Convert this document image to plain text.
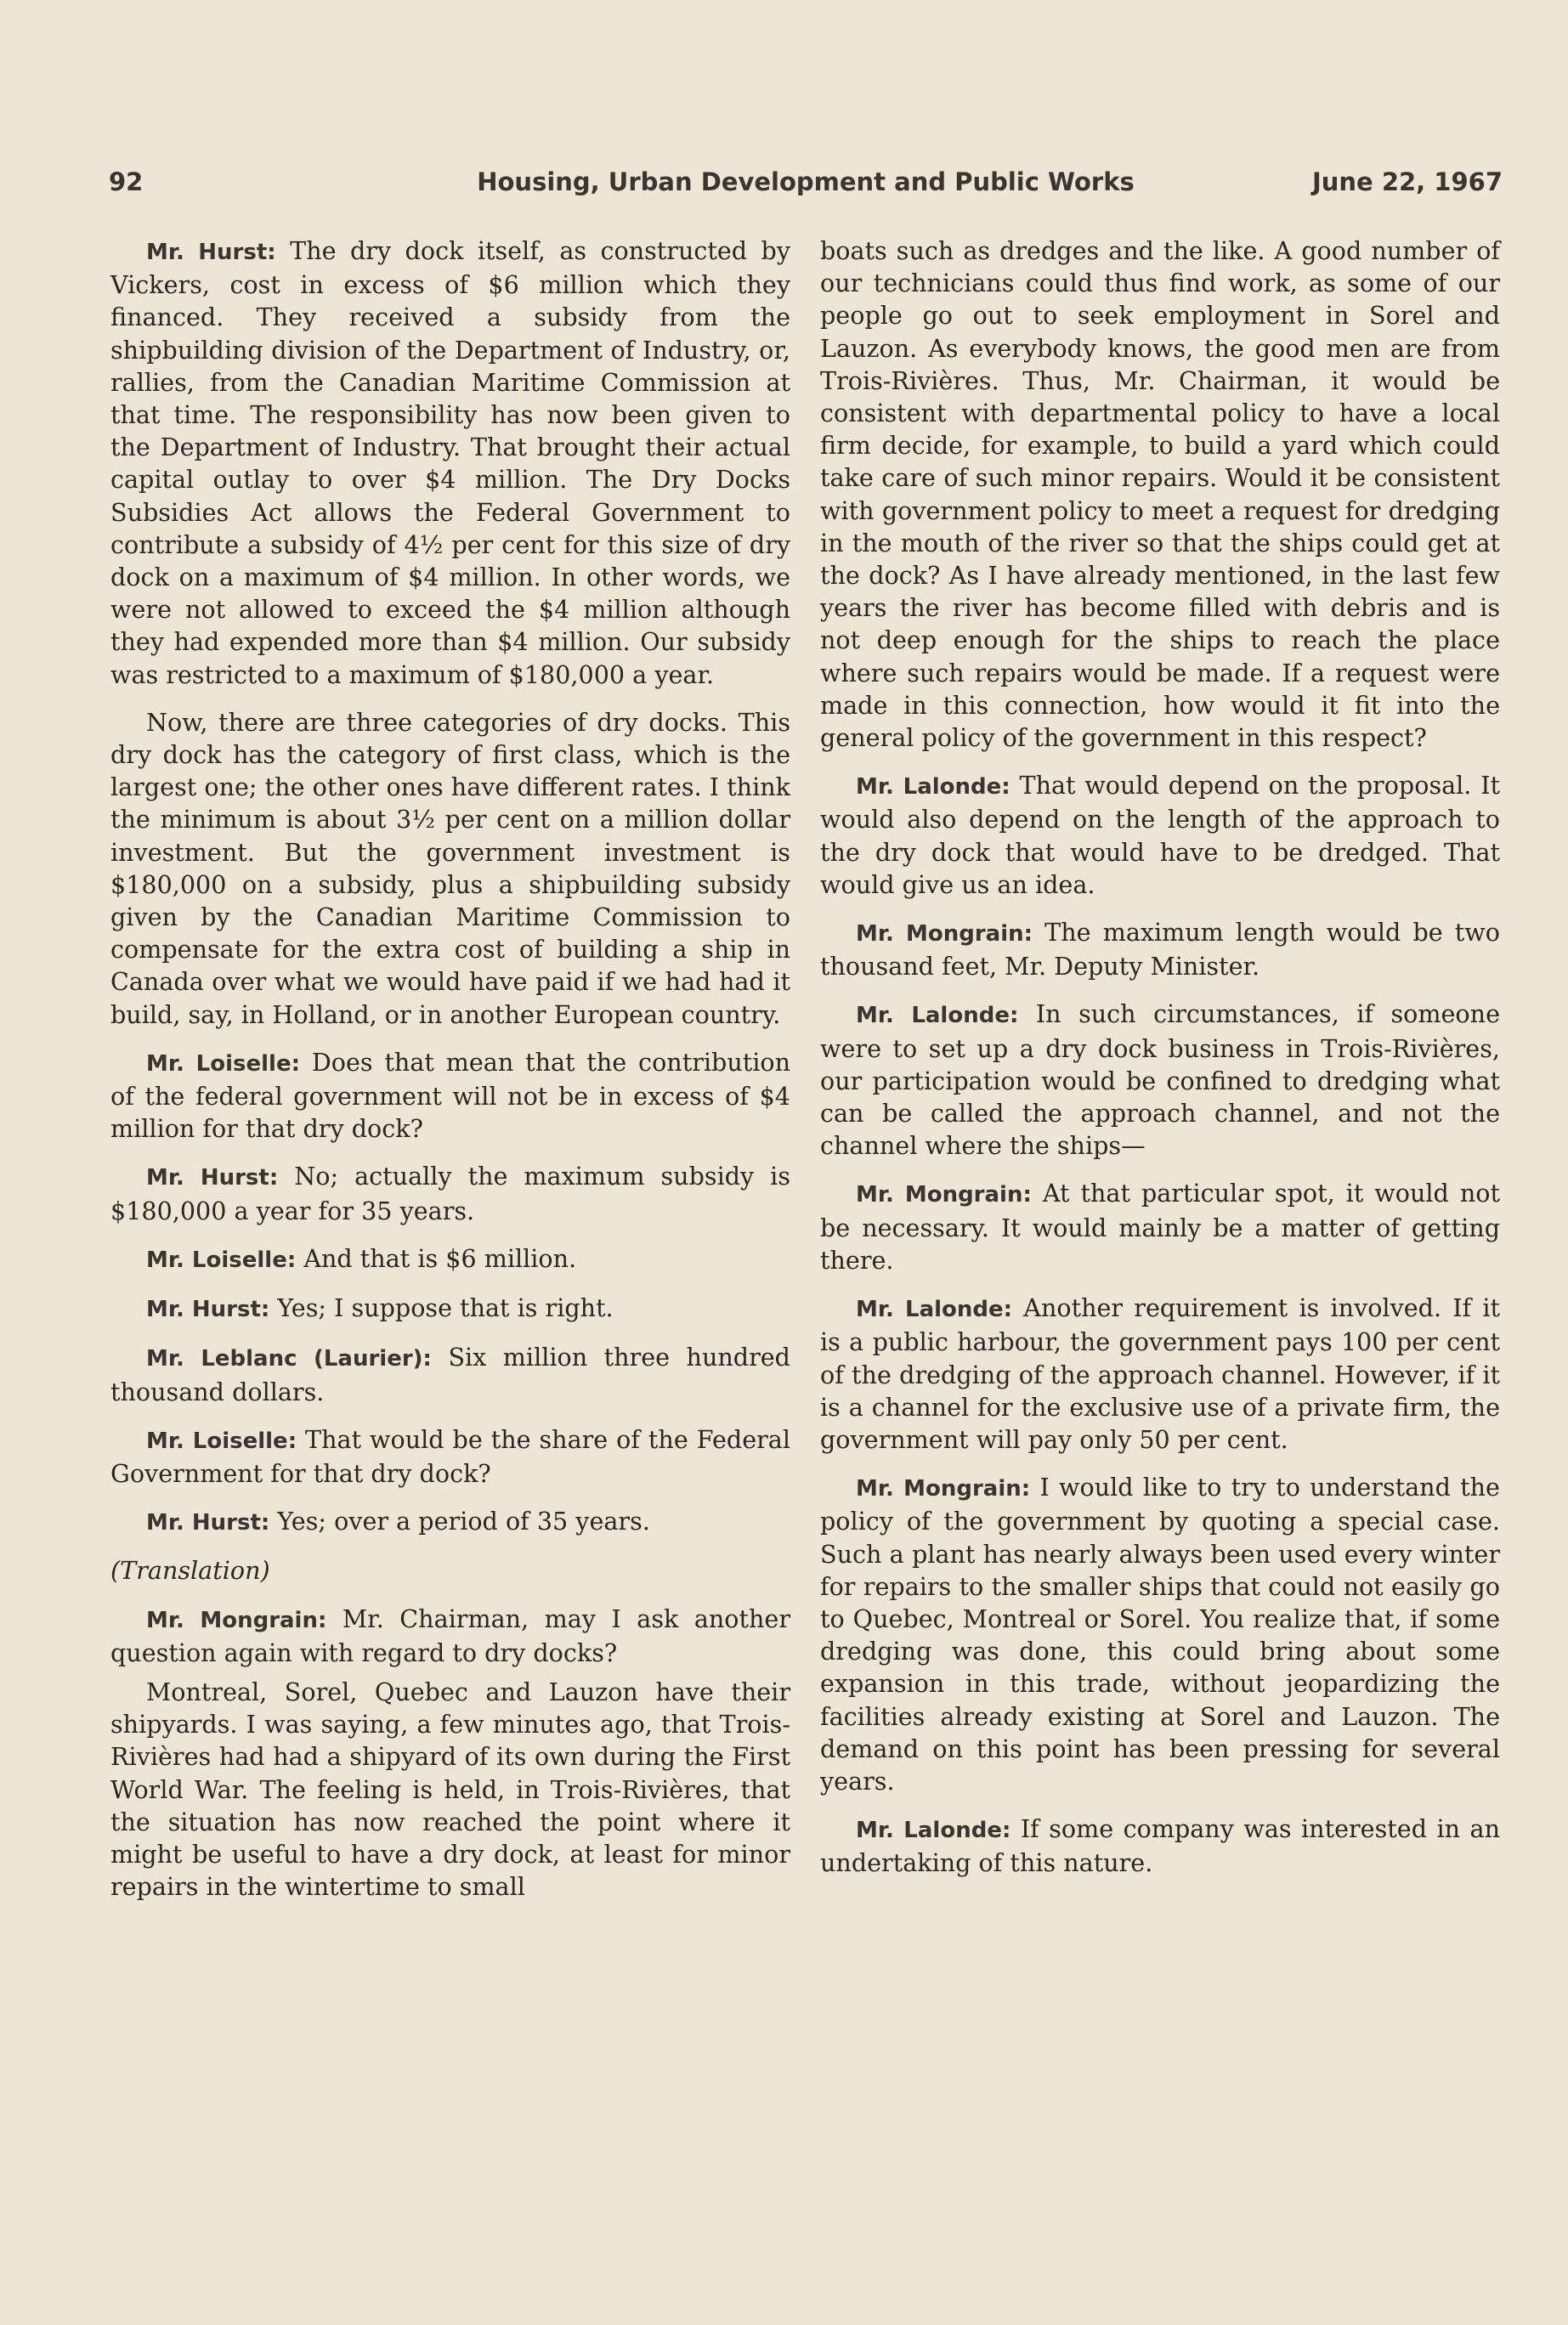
92	Housing, Urban Development and Public Works	June 22, 1967

Mr. Hurst: The dry dock itself, as constructed by Vickers, cost in excess of $6 million which they financed. They received a subsidy from the shipbuilding division of the Department of Industry, or, rallies, from the Canadian Maritime Commission at that time. The responsibility has now been given to the Department of Industry. That brought their actual capital outlay to over $4 million. The Dry Docks Subsidies Act allows the Federal Government to contribute a subsidy of 4½ per cent for this size of dry dock on a maximum of $4 million. In other words, we were not allowed to exceed the $4 million although they had expended more than $4 million. Our subsidy was restricted to a maximum of $180,000 a year.

Now, there are three categories of dry docks. This dry dock has the category of first class, which is the largest one; the other ones have different rates. I think the minimum is about 3½ per cent on a million dollar investment. But the government investment is $180,000 on a subsidy, plus a shipbuilding subsidy given by the Canadian Maritime Commission to compensate for the extra cost of building a ship in Canada over what we would have paid if we had had it build, say, in Holland, or in another European country.

Mr. Loiselle: Does that mean that the contribution of the federal government will not be in excess of $4 million for that dry dock?

Mr. Hurst: No; actually the maximum subsidy is $180,000 a year for 35 years.

Mr. Loiselle: And that is $6 million.

Mr. Hurst: Yes; I suppose that is right.

Mr. Leblanc (Laurier): Six million three hundred thousand dollars.

Mr. Loiselle: That would be the share of the Federal Government for that dry dock?

Mr. Hurst: Yes; over a period of 35 years.

(Translation)

Mr. Mongrain: Mr. Chairman, may I ask another question again with regard to dry docks?

Montreal, Sorel, Quebec and Lauzon have their shipyards. I was saying, a few minutes ago, that Trois-Rivières had had a shipyard of its own during the First World War. The feeling is held, in Trois-Rivières, that the situation has now reached the point where it might be useful to have a dry dock, at least for minor repairs in the wintertime to small

boats such as dredges and the like. A good number of our technicians could thus find work, as some of our people go out to seek employment in Sorel and Lauzon. As everybody knows, the good men are from Trois-Rivières. Thus, Mr. Chairman, it would be consistent with departmental policy to have a local firm decide, for example, to build a yard which could take care of such minor repairs. Would it be consistent with government policy to meet a request for dredging in the mouth of the river so that the ships could get at the dock? As I have already mentioned, in the last few years the river has become filled with debris and is not deep enough for the ships to reach the place where such repairs would be made. If a request were made in this connection, how would it fit into the general policy of the government in this respect?

Mr. Lalonde: That would depend on the proposal. It would also depend on the length of the approach to the dry dock that would have to be dredged. That would give us an idea.

Mr. Mongrain: The maximum length would be two thousand feet, Mr. Deputy Minister.

Mr. Lalonde: In such circumstances, if someone were to set up a dry dock business in Trois-Rivières, our participation would be confined to dredging what can be called the approach channel, and not the channel where the ships—

Mr. Mongrain: At that particular spot, it would not be necessary. It would mainly be a matter of getting there.

Mr. Lalonde: Another requirement is involved. If it is a public harbour, the government pays 100 per cent of the dredging of the approach channel. However, if it is a channel for the exclusive use of a private firm, the government will pay only 50 per cent.

Mr. Mongrain: I would like to try to understand the policy of the government by quoting a special case. Such a plant has nearly always been used every winter for repairs to the smaller ships that could not easily go to Quebec, Montreal or Sorel. You realize that, if some dredging was done, this could bring about some expansion in this trade, without jeopardizing the facilities already existing at Sorel and Lauzon. The demand on this point has been pressing for several years.

Mr. Lalonde: If some company was interested in an undertaking of this nature.
